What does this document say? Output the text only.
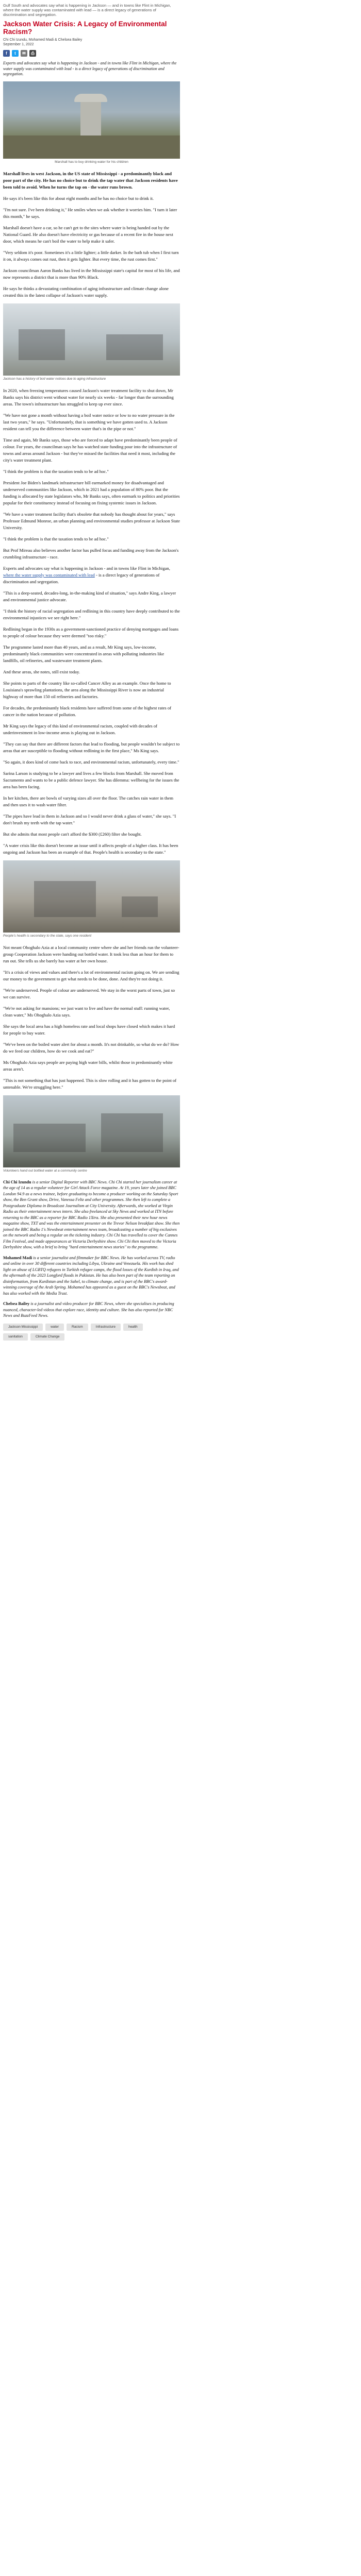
Gulf South and advocates say what is happening in Jackson — and in towns like Flint in Michigan, where the water supply was contaminated with lead — is a direct legacy of generations of discrimination and segregation.

Jackson Water Crisis: A Legacy of Environmental Racism?
Chi Chi Izundu, Mohamed Madi & Chelsea Bailey
September 1, 2022
f	t	✉	⎙

Experts and advocates say what is happening in Jackson - and in towns like Flint in Michigan, where the water supply was contaminated with lead - is a direct legacy of generations of discrimination and segregation.

Marshall has to buy drinking water for his children

Marshall lives in west Jackson, in the US state of Mississippi - a predominantly black and poor part of the city. He has no choice but to drink the tap water that Jackson residents have been told to avoid. When he turns the tap on - the water runs brown.

He says it's been like this for about eight months and he has no choice but to drink it.

"I'm not sure. I've been drinking it," He smiles when we ask whether it worries him. "I turn it later this month," he says.

Marshall doesn't have a car, so he can't get to the sites where water is being handed out by the National Guard. He also doesn't have electricity or gas because of a recent fire in the house next door, which means he can't boil the water to help make it safer.

"Very seldom it's poor. Sometimes it's a little lighter; a little darker. In the bath tub when I first turn it on, it always comes out rust, then it gets lighter. But every time, the rust comes first."

Jackson councilman Aaron Banks has lived in the Mississippi state's capital for most of his life, and now represents a district that is more than 90% Black.

He says he thinks a devastating combination of aging infrastructure and climate change alone created this in the latest collapse of Jackson's water supply.

Jackson has a history of boil water notices due to aging infrastructure

In 2020, when freezing temperatures caused Jackson's water treatment facility to shut down, Mr Banks says his district went without water for nearly six weeks - far longer than the surrounding areas. The town's infrastructure has struggled to keep up ever since.

"We have not gone a month without having a boil water notice or low to no water pressure in the last two years," he says. "Unfortunately, that is something we have gotten used to. A Jackson resident can tell you the difference between water that's in the pipe or not."

Time and again, Mr Banks says, those who are forced to adapt have predominantly been people of colour. For years, the councilman says he has watched state funding pour into the infrastructure of towns and areas around Jackson - but they've missed the facilities that need it most, including the city's water treatment plant.

"I think the problem is that the taxation tends to be ad hoc."

President Joe Biden's landmark infrastructure bill earmarked money for disadvantaged and underserved communities like Jackson, which in 2021 had a population of 80% poor. But the funding is allocated by state legislators who, Mr Banks says, often earmark to politics and priorities popular for their constituency instead of focusing on fixing systemic issues in Jackson.

"We have a water treatment facility that's obsolete that nobody has thought about for years," says Professor Edmund Monroe, an urban planning and environmental studies professor at Jackson State University.

"I think the problem is that the taxation tends to be ad hoc."

But Prof Mireau also believes another factor has pulled focus and funding away from the Jackson's crumbling infrastructure - race.

Experts and advocates say what is happening in Jackson - and in towns like Flint in Michigan, where the water supply was contaminated with lead - is a direct legacy of generations of discrimination and segregation.

"This is a deep-seated, decades-long, in-the-making kind of situation," says Andre King, a lawyer and environmental justice advocate.

"I think the history of racial segregation and redlining in this country have deeply contributed to the environmental injustices we see right here."

Redlining began in the 1930s as a government-sanctioned practice of denying mortgages and loans to people of colour because they were deemed "too risky."

The programme lasted more than 40 years, and as a result, Mr King says, low-income, predominantly black communities were concentrated in areas with polluting industries like landfills, oil refineries, and wastewater treatment plants.

And these areas, she notes, still exist today.

She points to parts of the country like so-called Cancer Alley as an example. Once the home to Louisiana's sprawling plantations, the area along the Mississippi River is now an industrial highway of more than 150 oil refineries and factories.

For decades, the predominantly black residents have suffered from some of the highest rates of cancer in the nation because of pollution.

Mr King says the legacy of this kind of environmental racism, coupled with decades of underinvestment in low-income areas is playing out in Jackson.

"They can say that there are different factors that lead to flooding, but people wouldn't be subject to areas that are susceptible to flooding without redlining in the first place," Ms King says.

"So again, it does kind of come back to race, and environmental racism, unfortunately, every time."

Sarina Larson is studying to be a lawyer and lives a few blocks from Marshall. She moved from Sacramento and wants to be a public defence lawyer. She has dilemma: wellbeing for the issues the area has been facing.

In her kitchen, there are bowls of varying sizes all over the floor. The catches rain water in them and then uses it to wash water filter.

"The pipes have lead in them in Jackson and so I would never drink a glass of water," she says. "I don't brush my teeth with the tap water."

But she admits that most people can't afford the $300 (£260) filter she bought.

"A water crisis like this doesn't become an issue until it affects people of a higher class. It has been ongoing and Jackson has been an example of that. People's health is secondary to the state."

People's health is secondary to the state, says one resident

Not meant Ohoghalo Azia at a local community centre where she and her friends run the volunteer-group Cooperation Jackson were handing out bottled water. It took less than an hour for them to run out. She tells us she barely has water at her own house.

"It's a crisis of views and values and there's a lot of environmental racism going on. We are sending our money to the government to get what needs to be done, done. And they're not doing it.

"We're underserved. People of colour are underserved. We stay in the worst parts of town, just so we can survive.

"We're not asking for mansions; we just want to live and have the normal stuff: running water, clean water," Ms Ohoghalo Azia says.

She says the local area has a high homeless rate and local shops have closed which makes it hard for people to buy water.

"We've been on the boiled water alert for about a month. It's not drinkable, so what do we do? How do we feed our children, how do we cook and eat?"

Ms Ohoghalo Azia says people are paying high water bills, whilst those in predominantly white areas aren't.

"This is not something that has just happened. This is slow rolling and it has gotten to the point of untenable. We're struggling here."

Volunteers hand out bottled water at a community centre

Chi Chi Izundu is a senior Digital Reporter with BBC News. Chi Chi started her journalism career at the age of 14 as a regular volunteer for Girl Attack Force magazine. At 19, years later she joined BBC London 94.9 as a news trainee, before graduating to become a producer working on the Saturday Sport show, the Ben Grant show, Drive, Vanessa Feltz and other programmes. She then left to complete a Postgraduate Diploma in Broadcast Journalism at City University. Afterwards, she worked at Virgin Radio as their entertainment news intern. She also freelanced at Sky News and worked at ITN before returning to the BBC as a reporter for BBC Radio 1Xtra. She also presented their new hour news magazine show, TXT and was the entertainment presenter on the Trevor Nelson breakfast show. She then joined the BBC Radio 1's Newsbeat entertainment news team, broadcasting a number of big exclusives on the network and being a regular on the ticketing industry. Chi Chi has travelled to cover the Cannes Film Festival, and made appearances at Victoria Derbyshire show. Chi Chi then moved to the Victoria Derbyshire show, with a brief to bring "hard entertainment news stories" to the programme.

Mohamed Madi is a senior journalist and filmmaker for BBC News. He has worked across TV, radio and online in over 30 different countries including Libya, Ukraine and Venezuela. His work has shed light on abuse of LGBTQ refugees in Turkish refugee camps, the flood losses of the Kurdish in Iraq, and the aftermath of the 2023 Longford floods in Pakistan. He has also been part of the team reporting on disinformation, from Kurdistan and the Sahel, to climate change, and is part of the BBC's award-winning coverage of the Arab Spring. Mohamed has appeared as a guest on the BBC's Newsbeat, and has also worked with the Media Trust.

Chelsea Bailey is a journalist and video producer for BBC News, where she specialises in producing nuanced, character-led videos that explore race, identity and culture. She has also reported for NBC News and BuzzFeed News.

Jackson Mississippi	water	Racism	Infrastructure	health
sanitation	Climate Change
